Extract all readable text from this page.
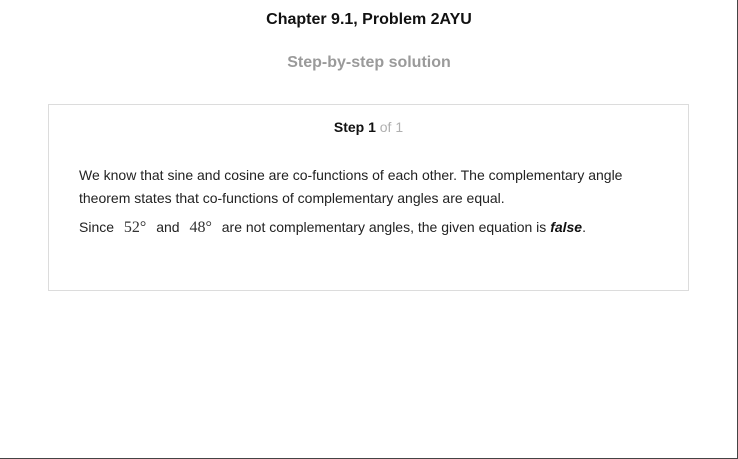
Chapter 9.1, Problem 2AYU
Step-by-step solution
Step 1 of 1
We know that sine and cosine are co-functions of each other. The complementary angle theorem states that co-functions of complementary angles are equal.
Since 52° and 48° are not complementary angles, the given equation is false.
